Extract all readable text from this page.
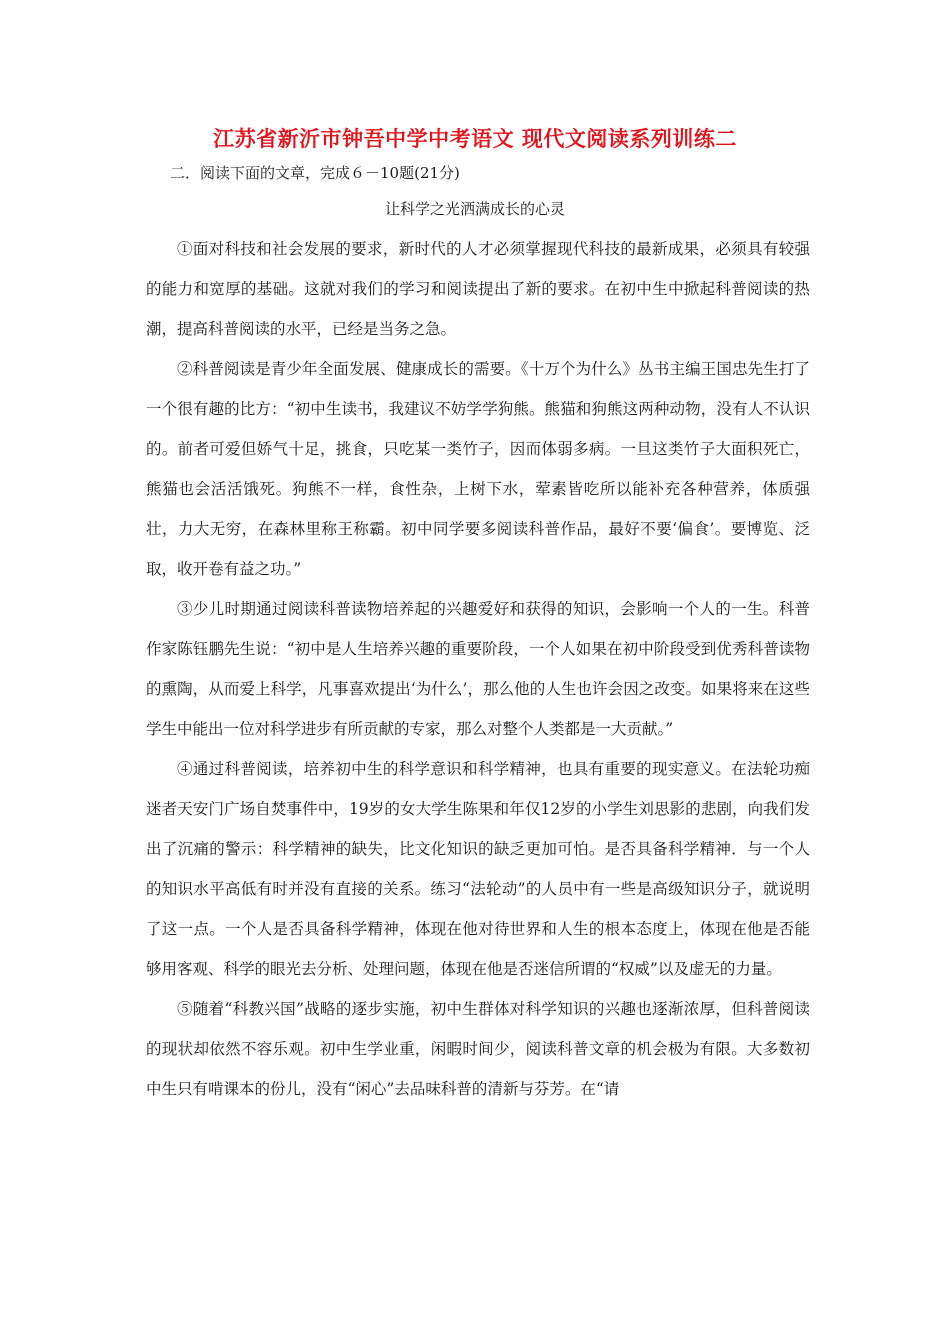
江苏省新沂市钟吾中学中考语文 现代文阅读系列训练二
二．阅读下面的文章，完成６－10题(21分)
让科学之光洒满成长的心灵

①面对科技和社会发展的要求，新时代的人才必须掌握现代科技的最新成果，必须具有较强的能力和宽厚的基础。这就对我们的学习和阅读提出了新的要求。在初中生中掀起科普阅读的热潮，提高科普阅读的水平，已经是当务之急。

②科普阅读是青少年全面发展、健康成长的需要。《十万个为什么》丛书主编王国忠先生打了一个很有趣的比方：“初中生读书，我建议不妨学学狗熊。熊猫和狗熊这两种动物，没有人不认识的。前者可爱但娇气十足，挑食，只吃某一类竹子，因而体弱多病。一旦这类竹子大面积死亡，熊猫也会活活饿死。狗熊不一样，食性杂，上树下水，荤素皆吃所以能补充各种营养，体质强壮，力大无穷，在森林里称王称霸。初中同学要多阅读科普作品，最好不要‘偏食’。要博览、泛取，收开卷有益之功。”

③少儿时期通过阅读科普读物培养起的兴趣爱好和获得的知识，会影响一个人的一生。科普作家陈钰鹏先生说：“初中是人生培养兴趣的重要阶段，一个人如果在初中阶段受到优秀科普读物的熏陶，从而爱上科学，凡事喜欢提出‘为什么’，那么他的人生也许会因之改变。如果将来在这些学生中能出一位对科学进步有所贡献的专家，那么对整个人类都是一大贡献。”

④通过科普阅读，培养初中生的科学意识和科学精神，也具有重要的现实意义。在法轮功痴迷者天安门广场自焚事件中，19岁的女大学生陈果和年仅12岁的小学生刘思影的悲剧，向我们发出了沉痛的警示：科学精神的缺失，比文化知识的缺乏更加可怕。是否具备科学精神．与一个人的知识水平高低有时并没有直接的关系。练习“法轮动”的人员中有一些是高级知识分子，就说明了这一点。一个人是否具备科学精神，体现在他对待世界和人生的根本态度上，体现在他是否能够用客观、科学的眼光去分析、处理问题，体现在他是否迷信所谓的“权威”以及虚无的力量。

⑤随着“科教兴国”战略的逐步实施，初中生群体对科学知识的兴趣也逐渐浓厚，但科普阅读的现状却依然不容乐观。初中生学业重，闲暇时间少，阅读科普文章的机会极为有限。大多数初中生只有啃课本的份儿，没有“闲心”去品味科普的清新与芬芳。在“请
